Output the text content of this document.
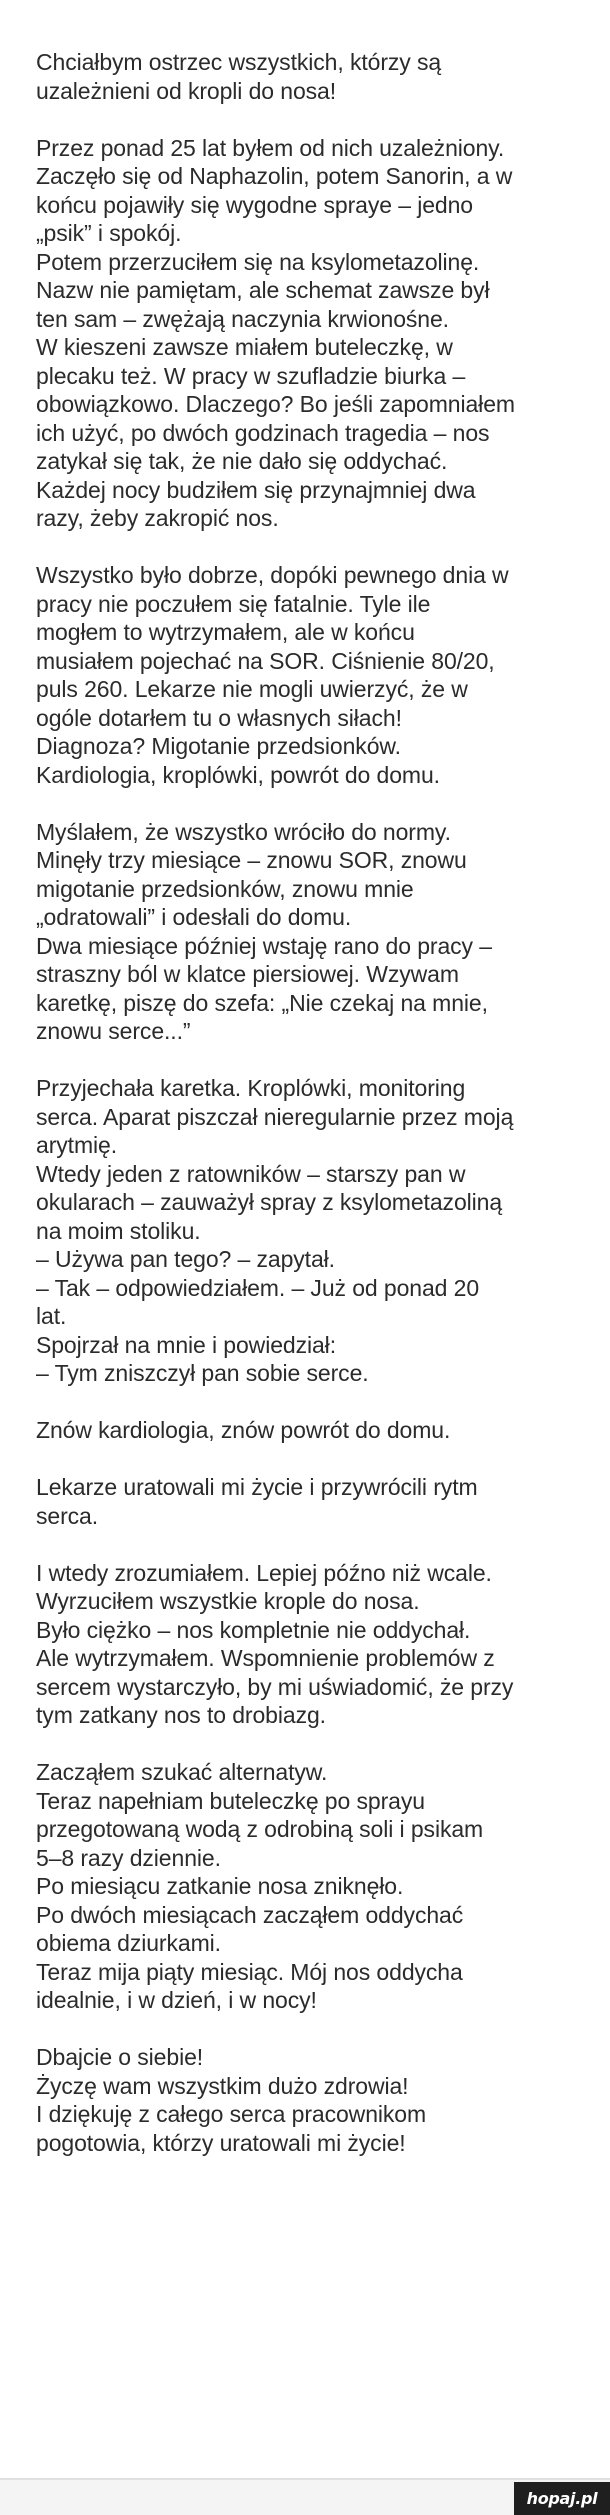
Chciałbym ostrzec wszystkich, którzy są
uzależnieni od kropli do nosa!

Przez ponad 25 lat byłem od nich uzależniony.
Zaczęło się od Naphazolin, potem Sanorin, a w
końcu pojawiły się wygodne spraye – jedno
„psik” i spokój.
Potem przerzuciłem się na ksylometazolinę.
Nazw nie pamiętam, ale schemat zawsze był
ten sam – zwężają naczynia krwionośne.
W kieszeni zawsze miałem buteleczkę, w
plecaku też. W pracy w szufladzie biurka –
obowiązkowo. Dlaczego? Bo jeśli zapomniałem
ich użyć, po dwóch godzinach tragedia – nos
zatykał się tak, że nie dało się oddychać.
Każdej nocy budziłem się przynajmniej dwa
razy, żeby zakropić nos.

Wszystko było dobrze, dopóki pewnego dnia w
pracy nie poczułem się fatalnie. Tyle ile
mogłem to wytrzymałem, ale w końcu
musiałem pojechać na SOR. Ciśnienie 80/20,
puls 260. Lekarze nie mogli uwierzyć, że w
ogóle dotarłem tu o własnych siłach!
Diagnoza? Migotanie przedsionków.
Kardiologia, kroplówki, powrót do domu.

Myślałem, że wszystko wróciło do normy.
Minęły trzy miesiące – znowu SOR, znowu
migotanie przedsionków, znowu mnie
„odratowali” i odesłali do domu.
Dwa miesiące później wstaję rano do pracy –
straszny ból w klatce piersiowej. Wzywam
karetkę, piszę do szefa: „Nie czekaj na mnie,
znowu serce...”

Przyjechała karetka. Kroplówki, monitoring
serca. Aparat piszczał nieregularnie przez moją
arytmię.
Wtedy jeden z ratowników – starszy pan w
okularach – zauważył spray z ksylometazoliną
na moim stoliku.
– Używa pan tego? – zapytał.
– Tak – odpowiedziałem. – Już od ponad 20
lat.
Spojrzał na mnie i powiedział:
– Tym zniszczył pan sobie serce.

Znów kardiologia, znów powrót do domu.

Lekarze uratowali mi życie i przywrócili rytm
serca.

I wtedy zrozumiałem. Lepiej późno niż wcale.
Wyrzuciłem wszystkie krople do nosa.
Było ciężko – nos kompletnie nie oddychał.
Ale wytrzymałem. Wspomnienie problemów z
sercem wystarczyło, by mi uświadomić, że przy
tym zatkany nos to drobiazg.

Zacząłem szukać alternatyw.
Teraz napełniam buteleczkę po sprayu
przegotowaną wodą z odrobiną soli i psikam
5–8 razy dziennie.
Po miesiącu zatkanie nosa zniknęło.
Po dwóch miesiącach zacząłem oddychać
obiema dziurkami.
Teraz mija piąty miesiąc. Mój nos oddycha
idealnie, i w dzień, i w nocy!

Dbajcie o siebie!
Życzę wam wszystkim dużo zdrowia!
I dziękuję z całego serca pracownikom
pogotowia, którzy uratowali mi życie!

hopaj.pl
